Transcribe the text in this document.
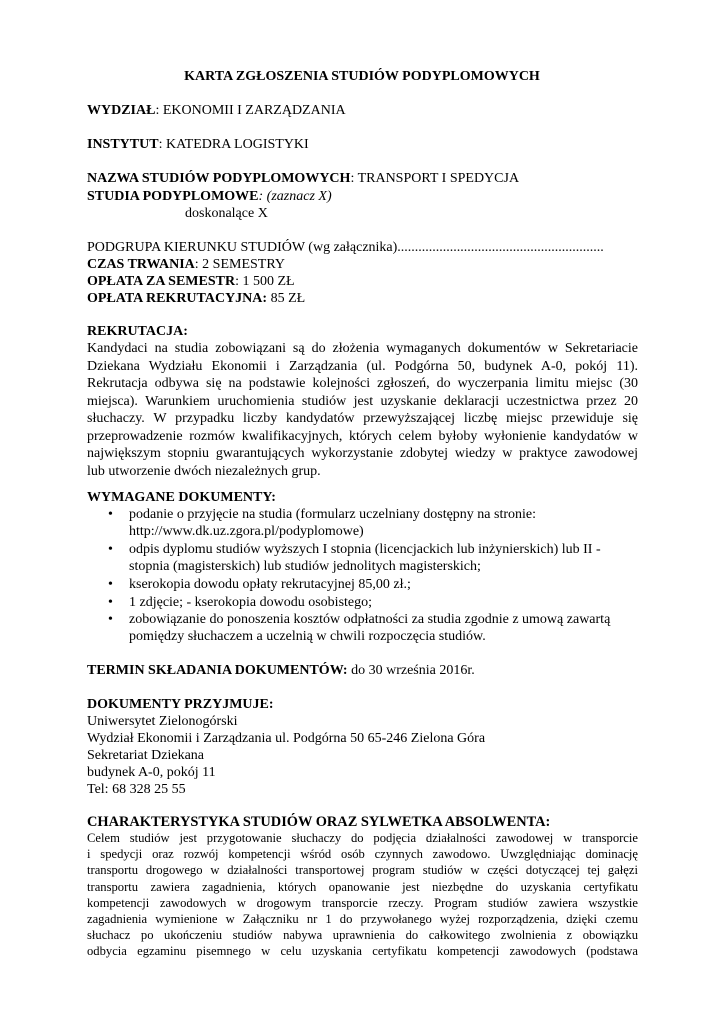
KARTA ZGŁOSZENIA STUDIÓW PODYPLOMOWYCH
WYDZIAŁ: EKONOMII I ZARZĄDZANIA
INSTYTUT: KATEDRA LOGISTYKI
NAZWA STUDIÓW PODYPLOMOWYCH: TRANSPORT I SPEDYCJA
STUDIA PODYPLOMOWE: (zaznacz X)
doskonalące X
PODGRUPA KIERUNKU STUDIÓW (wg załącznika)...........................................................
CZAS TRWANIA: 2 SEMESTRY
OPŁATA ZA SEMESTR: 1 500 ZŁ
OPŁATA REKRUTACYJNA: 85 ZŁ
REKRUTACJA:
Kandydaci na studia zobowiązani są do złożenia wymaganych dokumentów w Sekretariacie
Dziekana Wydziału Ekonomii i Zarządzania (ul. Podgórna 50, budynek A-0, pokój 11).
Rekrutacja odbywa się na podstawie kolejności zgłoszeń, do wyczerpania limitu miejsc (30
miejsca). Warunkiem uruchomienia studiów jest uzyskanie deklaracji uczestnictwa przez 20
słuchaczy. W przypadku liczby kandydatów przewyższającej liczbę miejsc przewiduje się
przeprowadzenie rozmów kwalifikacyjnych, których celem byłoby wyłonienie kandydatów w
największym stopniu gwarantujących wykorzystanie zdobytej wiedzy w praktyce zawodowej
lub utworzenie dwóch niezależnych grup.
WYMAGANE DOKUMENTY:
•	podanie o przyjęcie na studia (formularz uczelniany dostępny na stronie:
http://www.dk.uz.zgora.pl/podyplomowe)
•	odpis dyplomu studiów wyższych I stopnia (licencjackich lub inżynierskich) lub II -
stopnia (magisterskich) lub studiów jednolitych magisterskich;
•	kserokopia dowodu opłaty rekrutacyjnej 85,00 zł.;
•	1 zdjęcie; - kserokopia dowodu osobistego;
•	zobowiązanie do ponoszenia kosztów odpłatności za studia zgodnie z umową zawartą
pomiędzy słuchaczem a uczelnią w chwili rozpoczęcia studiów.
TERMIN SKŁADANIA DOKUMENTÓW: do 30 września 2016r.
DOKUMENTY PRZYJMUJE:
Uniwersytet Zielonogórski
Wydział Ekonomii i Zarządzania ul. Podgórna 50 65-246 Zielona Góra
Sekretariat Dziekana
budynek A-0, pokój 11
Tel: 68 328 25 55
CHARAKTERYSTYKA STUDIÓW ORAZ SYLWETKA ABSOLWENTA:
Celem studiów jest przygotowanie słuchaczy do podjęcia działalności zawodowej w transporcie
i spedycji oraz rozwój kompetencji wśród osób czynnych zawodowo. Uwzględniając dominację
transportu drogowego w działalności transportowej program studiów w części dotyczącej tej gałęzi
transportu zawiera zagadnienia, których opanowanie jest niezbędne do uzyskania certyfikatu
kompetencji zawodowych w drogowym transporcie rzeczy. Program studiów zawiera wszystkie
zagadnienia wymienione w Załączniku nr 1 do przywołanego wyżej rozporządzenia, dzięki czemu
słuchacz po ukończeniu studiów nabywa uprawnienia do całkowitego zwolnienia z obowiązku
odbycia egzaminu pisemnego w celu uzyskania certyfikatu kompetencji zawodowych (podstawa
